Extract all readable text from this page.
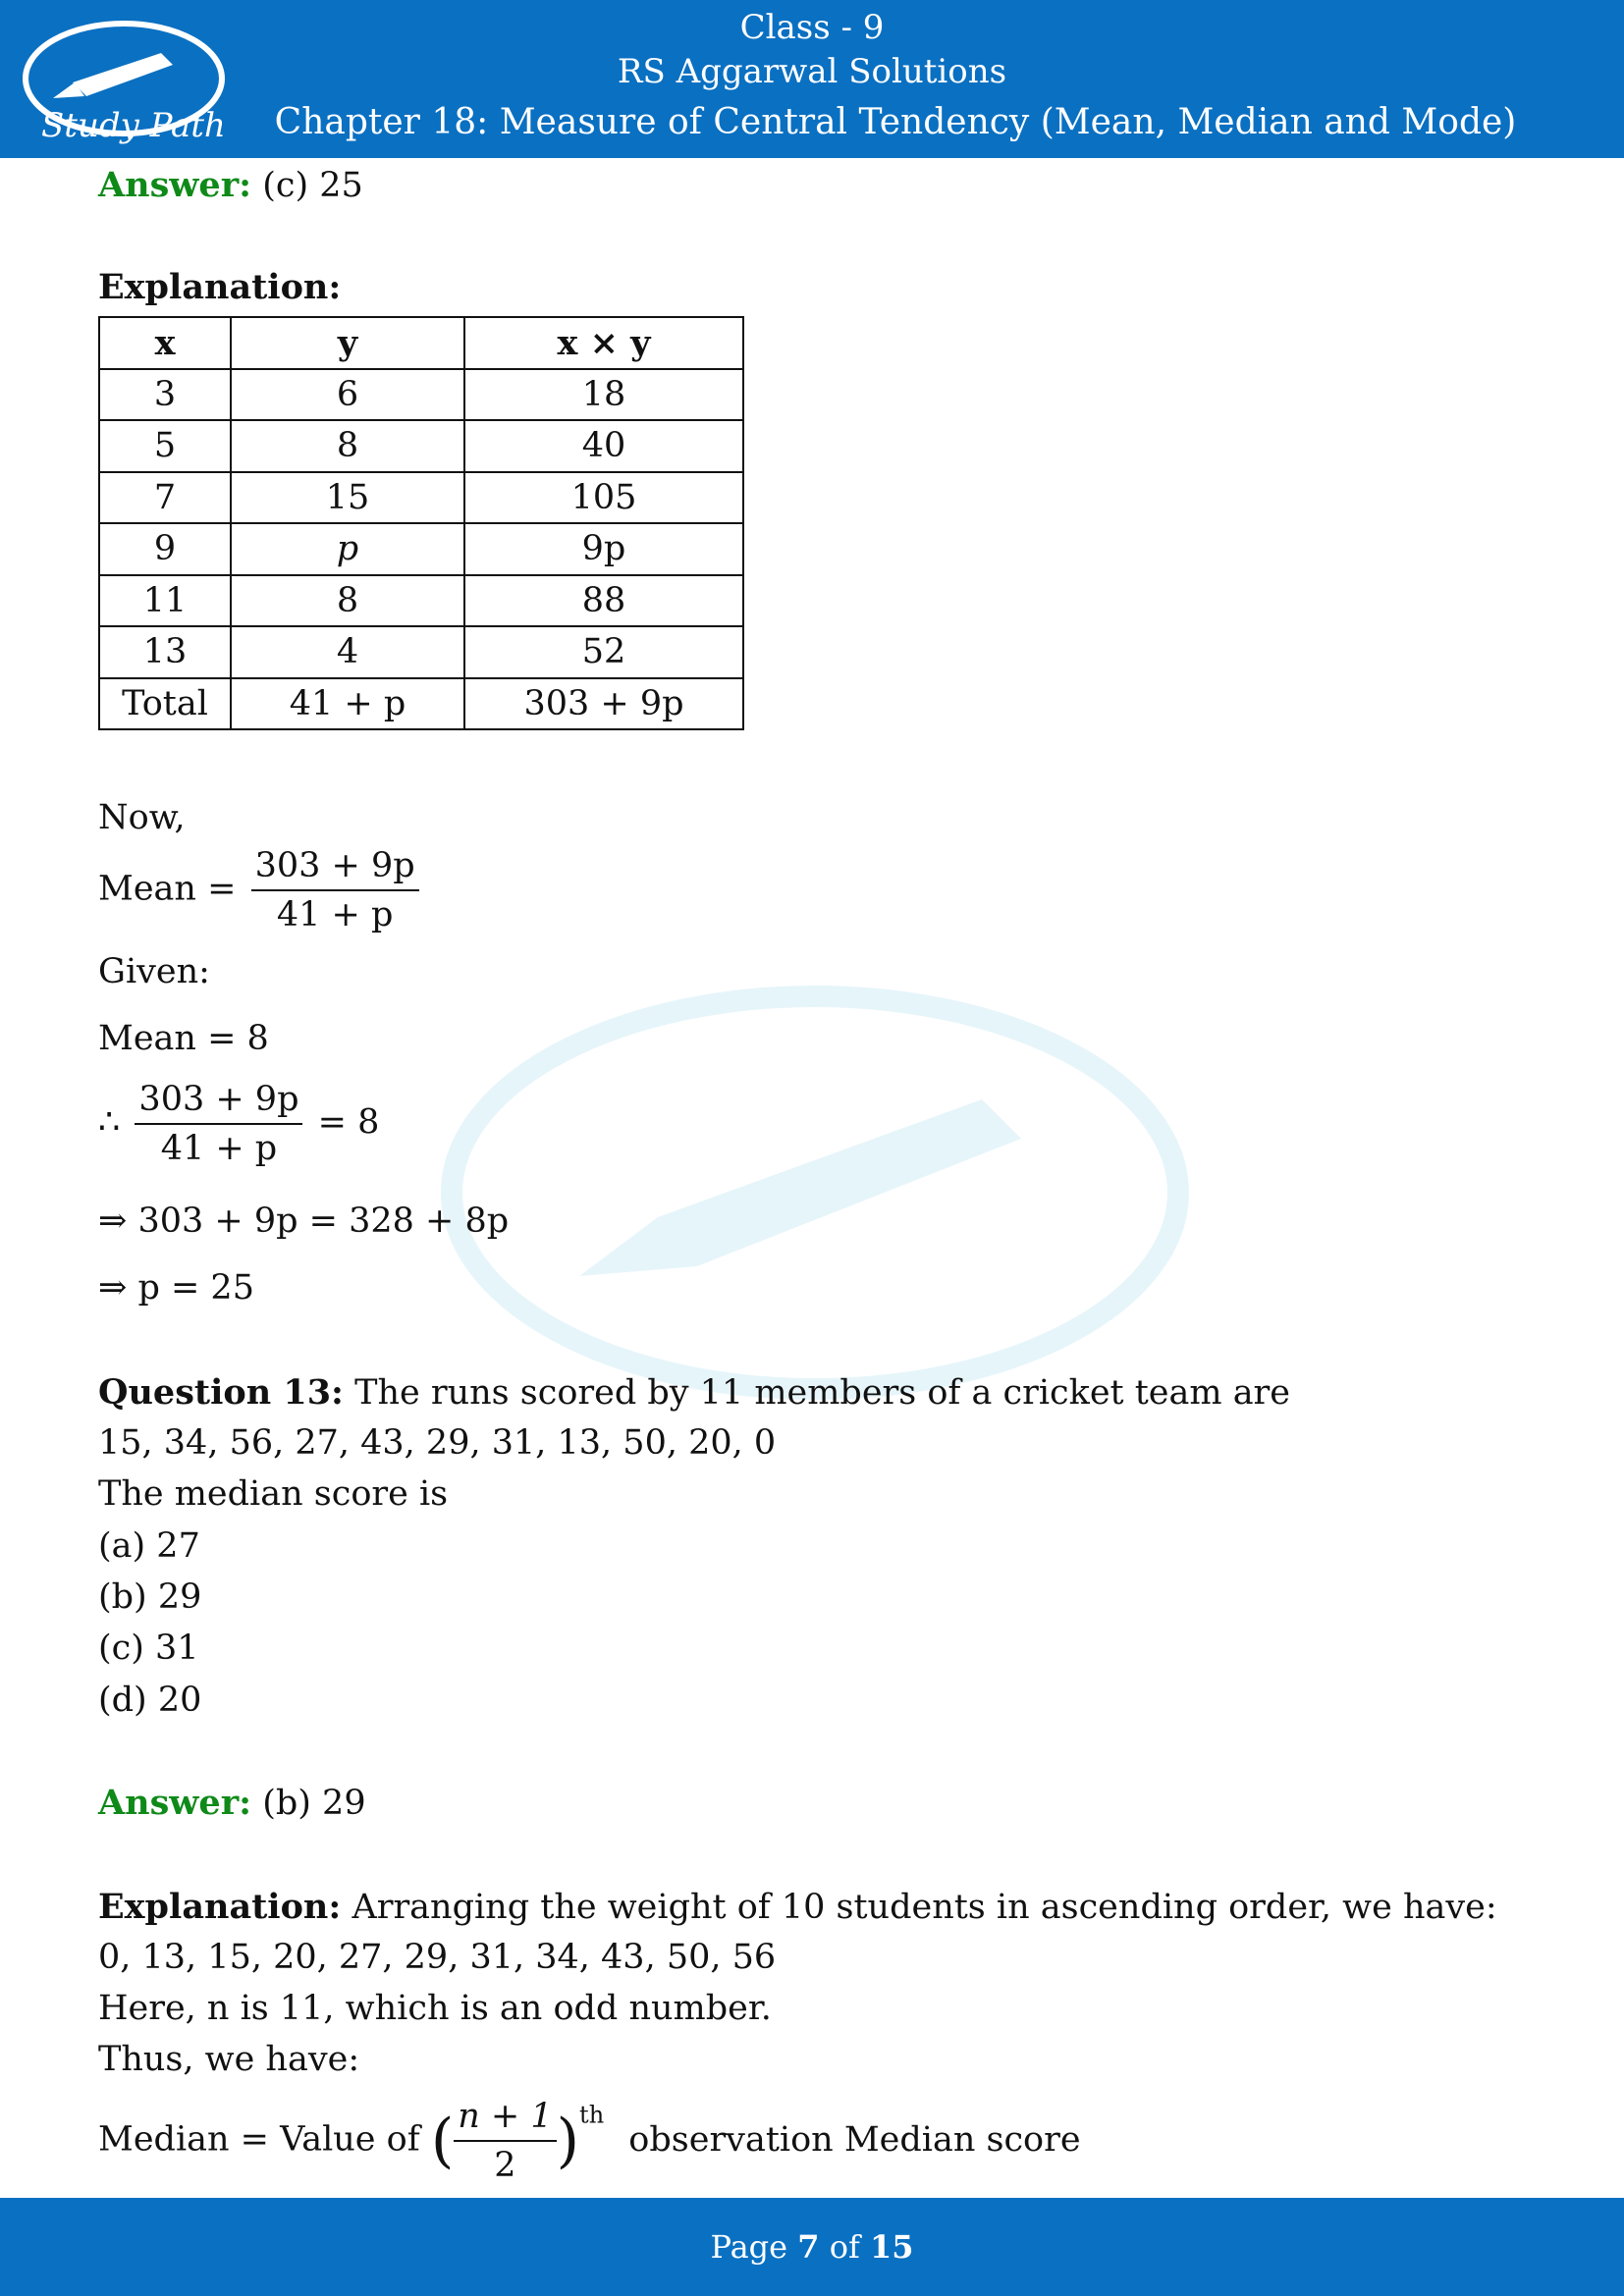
Study Path
Class - 9
RS Aggarwal Solutions
Chapter 18: Measure of Central Tendency (Mean, Median and Mode)
Answer: (c) 25
Explanation:
x	y	x × y
3	6	18
5	8	40
7	15	105
9	p	9p
11	8	88
13	4	52
Total	41 + p	303 + 9p
Now,
Mean = $\frac{303 + 9p}{41 + p}$
Given:
Mean = 8
∴ $\frac{303 + 9p}{41 + p} = 8$
⇒ 303 + 9p = 328 + 8p
⇒ p = 25
Question 13: The runs scored by 11 members of a cricket team are
15, 34, 56, 27, 43, 29, 31, 13, 50, 20, 0
The median score is
(a) 27
(b) 29
(c) 31
(d) 20
Answer: (b) 29
Explanation: Arranging the weight of 10 students in ascending order, we have:
0, 13, 15, 20, 27, 29, 31, 34, 43, 50, 56
Here, n is 11, which is an odd number.
Thus, we have:
Median = Value of ( $\frac{n + 1}{2} )^{th}$ observation Median score
Page 7 of 15
